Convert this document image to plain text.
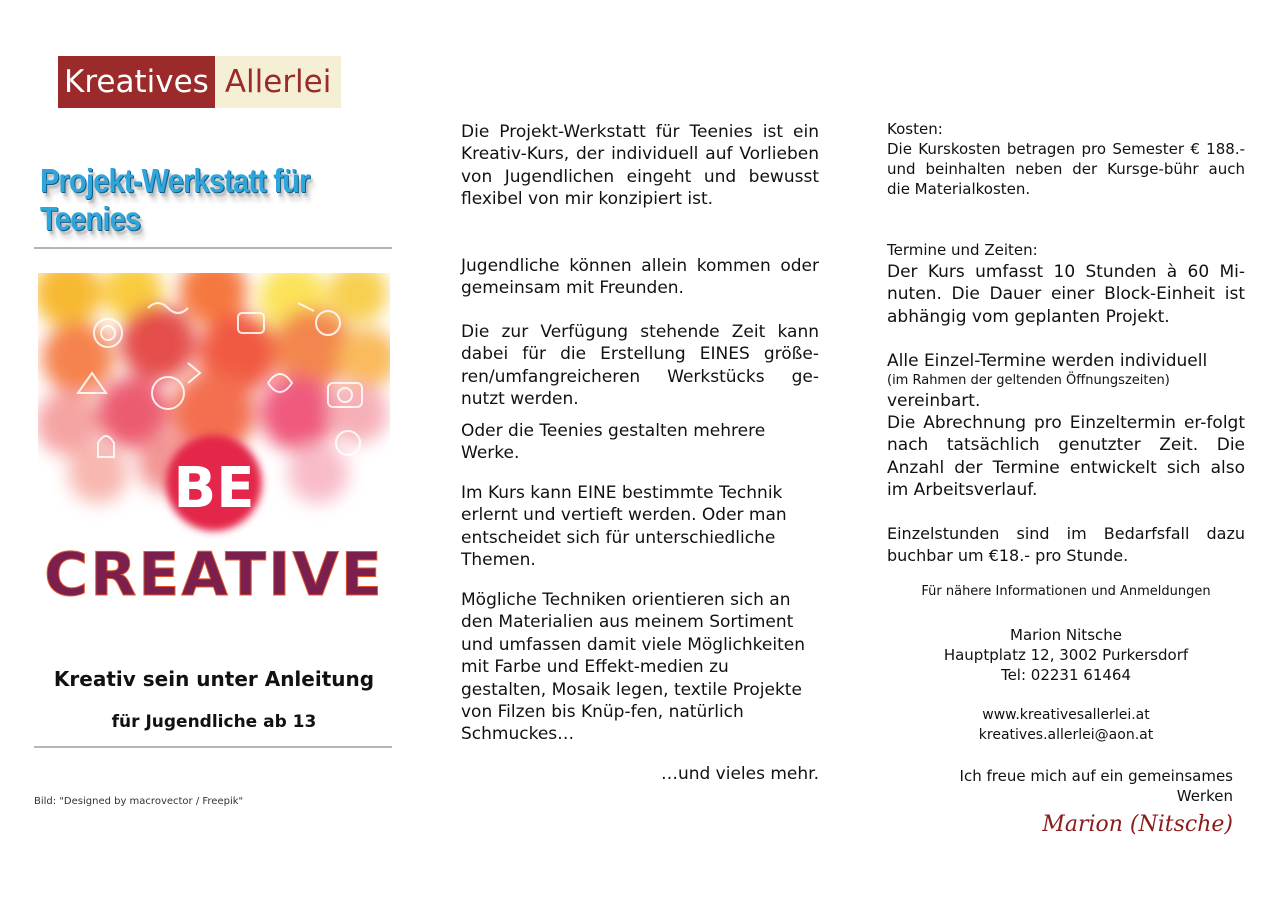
Kreatives Allerlei
Projekt-Werkstatt für Teenies
BE
CREATIVE
Kreativ sein unter Anleitung
für Jugendliche ab 13
Bild: "Designed by macrovector / Freepik"

Die Projekt-Werkstatt für Teenies ist ein Kreativ-Kurs, der individuell auf Vorlieben von Jugendlichen eingeht und bewusst flexibel von mir konzipiert ist.

Jugendliche können allein kommen oder gemeinsam mit Freunden.

Die zur Verfügung stehende Zeit kann dabei für die Erstellung EINES größe-ren/umfangreicheren Werkstücks ge-nutzt werden.

Oder die Teenies gestalten mehrere Werke.

Im Kurs kann EINE bestimmte Technik erlernt und vertieft werden. Oder man entscheidet sich für unterschiedliche Themen.

Mögliche Techniken orientieren sich an den Materialien aus meinem Sortiment und umfassen damit viele Möglichkeiten mit Farbe und Effekt-medien zu gestalten, Mosaik legen, textile Projekte von Filzen bis Knüp-fen, natürlich Schmuckes…

…und vieles mehr.

Kosten:
Die Kurskosten betragen pro Semester € 188.- und beinhalten neben der Kursge-bühr auch die Materialkosten.
Termine und Zeiten:
Der Kurs umfasst 10 Stunden à 60 Mi-nuten. Die Dauer einer Block-Einheit ist abhängig vom geplanten Projekt.
Alle Einzel-Termine werden individuell
(im Rahmen der geltenden Öffnungszeiten)
vereinbart.
Die Abrechnung pro Einzeltermin er-folgt nach tatsächlich genutzter Zeit. Die Anzahl der Termine entwickelt sich also im Arbeitsverlauf.
Einzelstunden sind im Bedarfsfall dazu buchbar um €18.- pro Stunde.
Für nähere Informationen und Anmeldungen
Marion Nitsche
Hauptplatz 12, 3002 Purkersdorf
Tel: 02231 61464
www.kreativesallerlei.at
kreatives.allerlei@aon.at
Ich freue mich auf ein gemeinsames
Werken
Marion (Nitsche)
